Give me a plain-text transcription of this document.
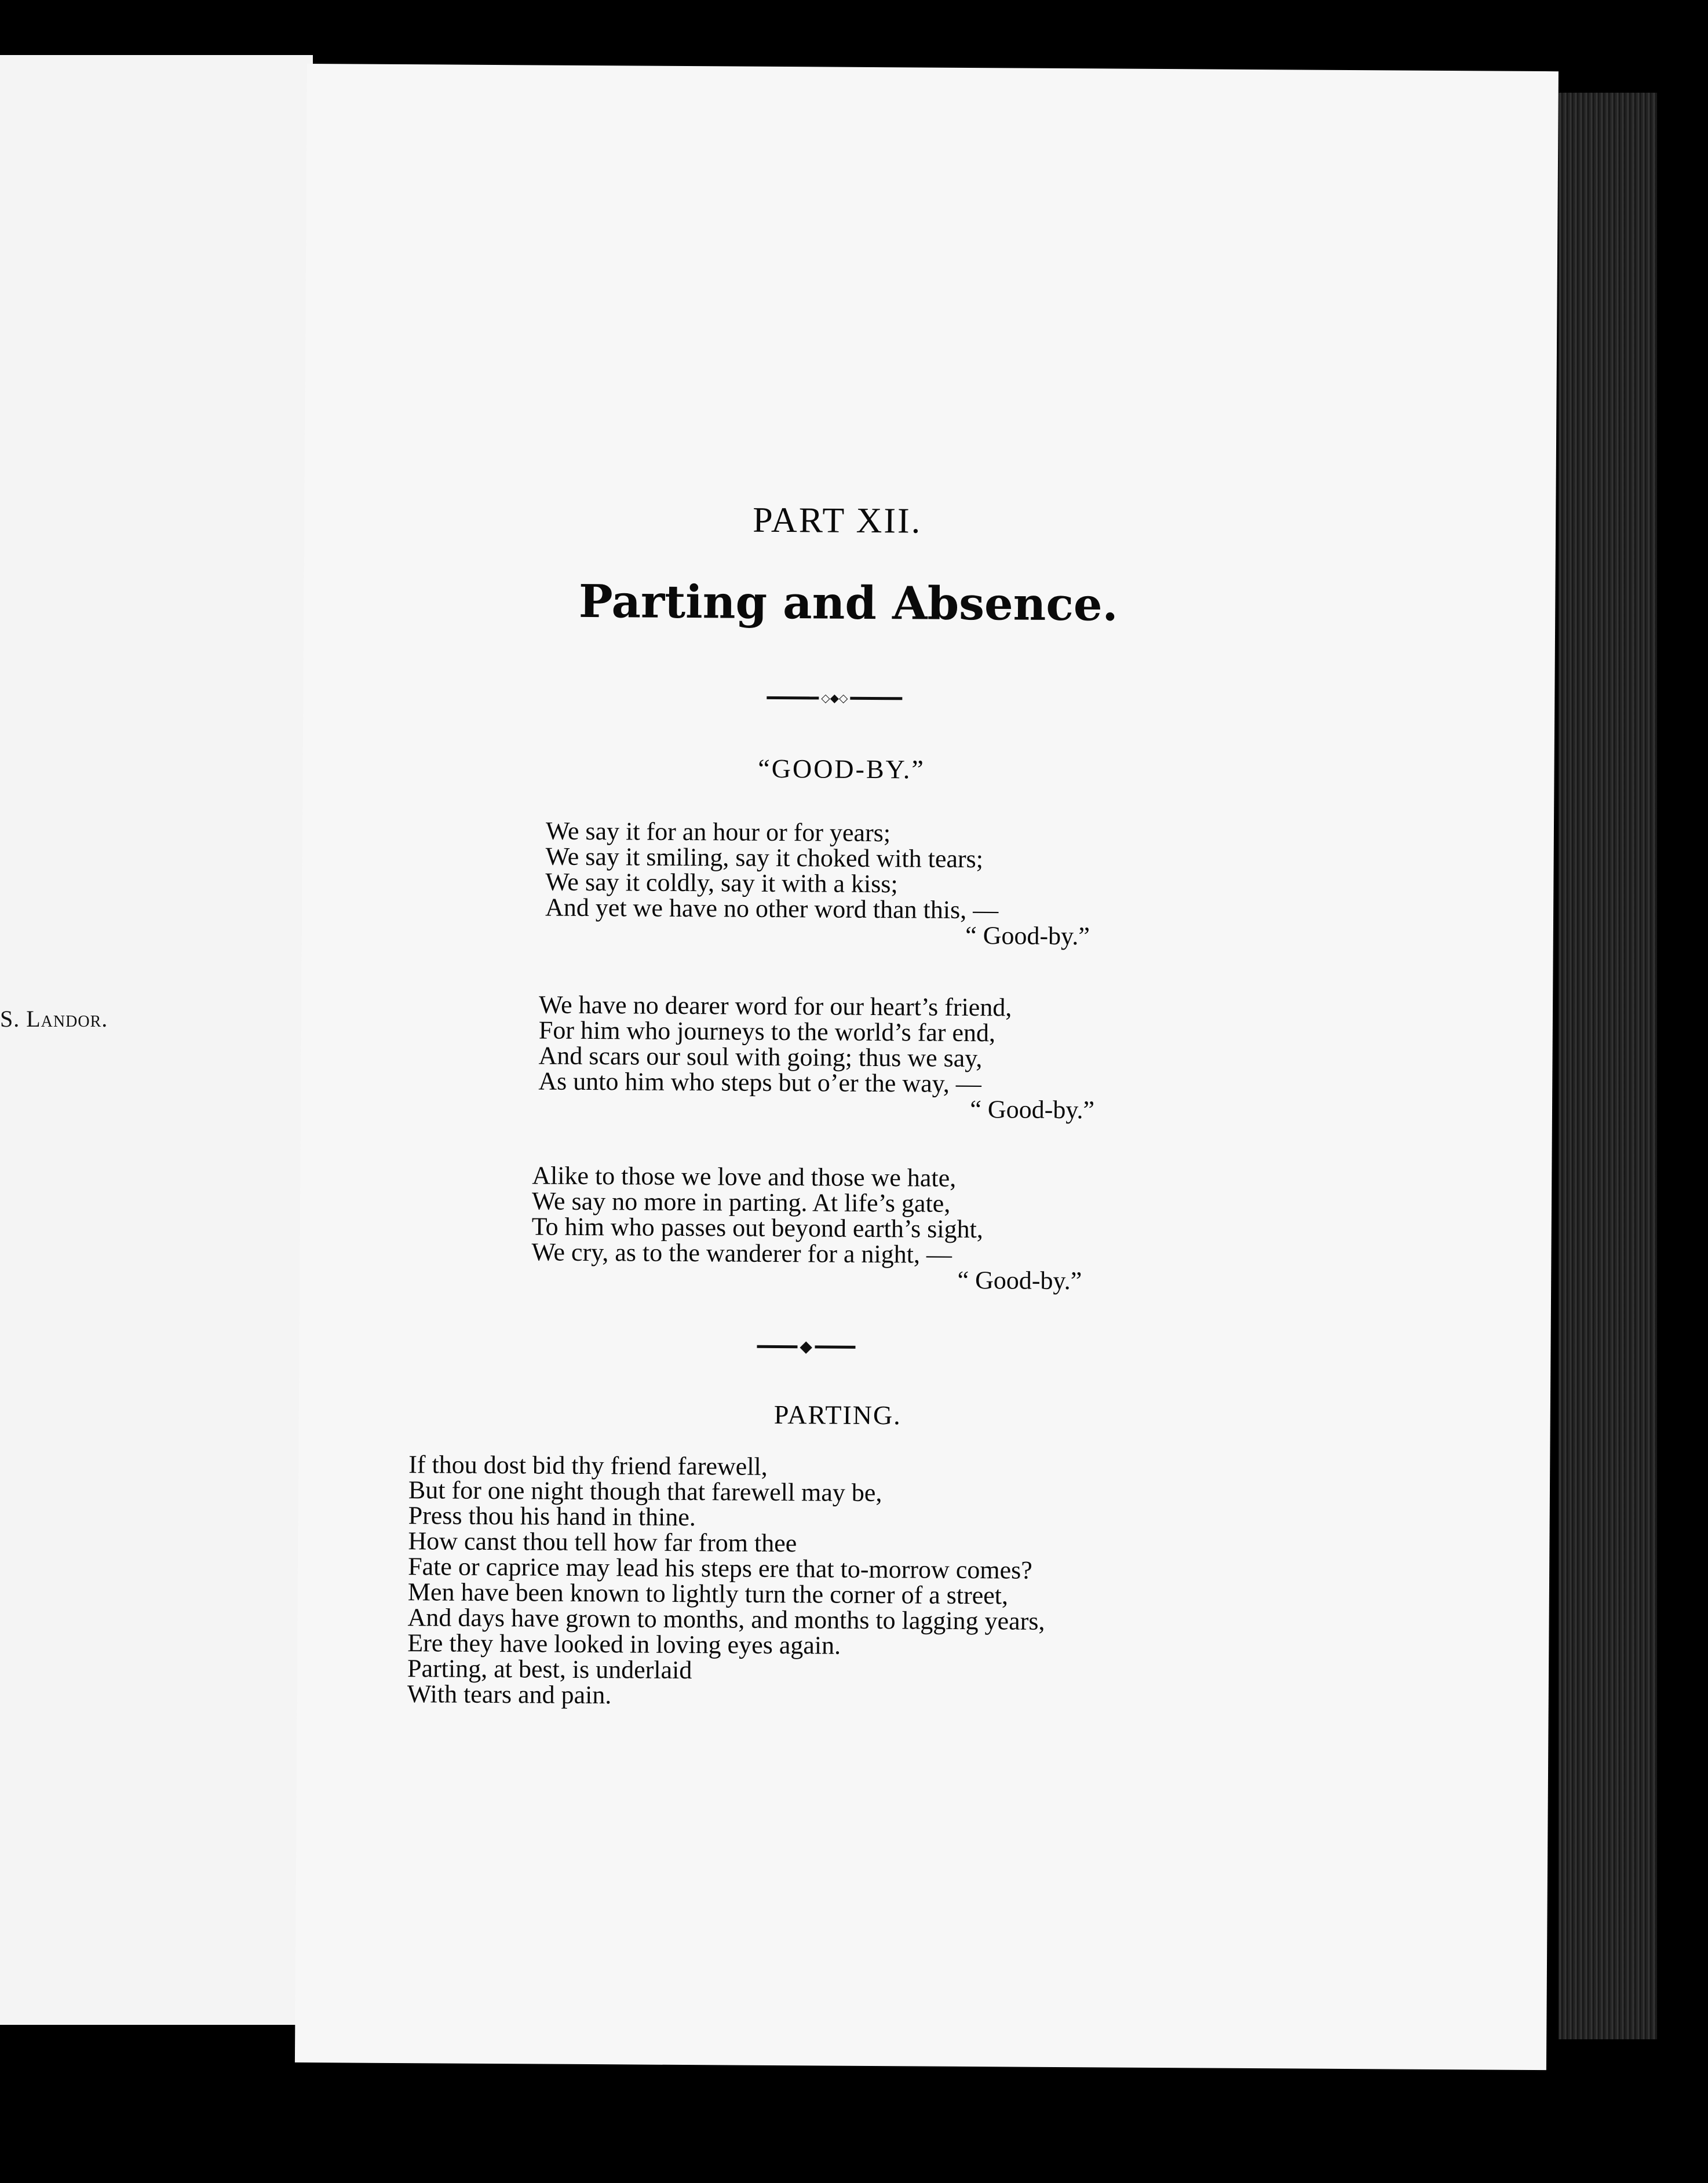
S. Landor.
PART XII.
Parting and Absence.
◇◆◇
“GOOD-BY.”
We say it for an hour or for years;
We say it smiling, say it choked with tears;
We say it coldly, say it with a kiss;
And yet we have no other word than this, —
“ Good-by.”
We have no dearer word for our heart’s friend,
For him who journeys to the world’s far end,
And scars our soul with going; thus we say,
As unto him who steps but o’er the way, —
“ Good-by.”
Alike to those we love and those we hate,
We say no more in parting. At life’s gate,
To him who passes out beyond earth’s sight,
We cry, as to the wanderer for a night, —
“ Good-by.”
◆
PARTING.
If thou dost bid thy friend farewell,
But for one night though that farewell may be,
Press thou his hand in thine.
How canst thou tell how far from thee
Fate or caprice may lead his steps ere that to-morrow comes?
Men have been known to lightly turn the corner of a street,
And days have grown to months, and months to lagging years,
Ere they have looked in loving eyes again.
Parting, at best, is underlaid
With tears and pain.
